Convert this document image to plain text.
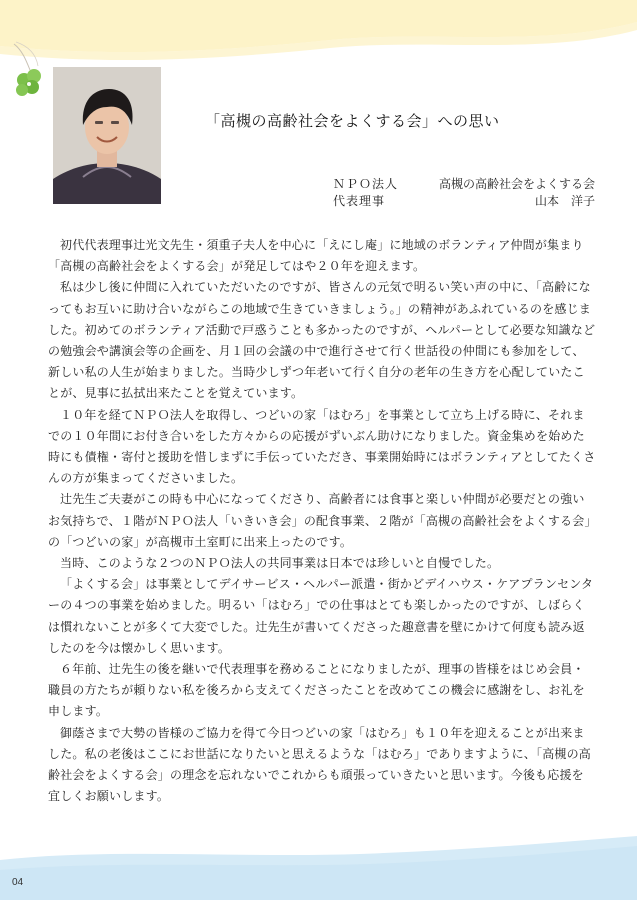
「高槻の高齢社会をよくする会」への思い
ＮＰＯ法人	高槻の高齢社会をよくする会
代表理事	山本　洋子

初代代表理事辻光文先生・須重子夫人を中心に「えにし庵」に地域のボランティア仲間が集まり「高槻の高齢社会をよくする会」が発足してはや２０年を迎えます。

私は少し後に仲間に入れていただいたのですが、皆さんの元気で明るい笑い声の中に、「高齢になってもお互いに助け合いながらこの地域で生きていきましょう。」の精神があふれているのを感じました。初めてのボランティア活動で戸惑うことも多かったのですが、ヘルパーとして必要な知識などの勉強会や講演会等の企画を、月１回の会議の中で進行させて行く世話役の仲間にも参加をして、新しい私の人生が始まりました。当時少しずつ年老いて行く自分の老年の生き方を心配していたことが、見事に払拭出来たことを覚えています。

１０年を経てＮＰＯ法人を取得し、つどいの家「はむろ」を事業として立ち上げる時に、それまでの１０年間にお付き合いをした方々からの応援がずいぶん助けになりました。資金集めを始めた時にも債権・寄付と援助を惜しまずに手伝っていただき、事業開始時にはボランティアとしてたくさんの方が集まってくださいました。

辻先生ご夫妻がこの時も中心になってくださり、高齢者には食事と楽しい仲間が必要だとの強いお気持ちで、１階がＮＰＯ法人「いきいき会」の配食事業、２階が「高槻の高齢社会をよくする会」の「つどいの家」が高槻市土室町に出来上ったのです。

当時、このような２つのＮＰＯ法人の共同事業は日本では珍しいと自慢でした。

「よくする会」は事業としてデイサービス・ヘルパー派遣・街かどデイハウス・ケアプランセンターの４つの事業を始めました。明るい「はむろ」での仕事はとても楽しかったのですが、しばらくは慣れないことが多くて大変でした。辻先生が書いてくださった趣意書を壁にかけて何度も読み返したのを今は懐かしく思います。

６年前、辻先生の後を継いで代表理事を務めることになりましたが、理事の皆様をはじめ会員・職員の方たちが頼りない私を後ろから支えてくださったことを改めてこの機会に感謝をし、お礼を申します。

御蔭さまで大勢の皆様のご協力を得て今日つどいの家「はむろ」も１０年を迎えることが出来ました。私の老後はここにお世話になりたいと思えるような「はむろ」でありますように、「高槻の高齢社会をよくする会」の理念を忘れないでこれからも頑張っていきたいと思います。今後も応援を宜しくお願いします。

04
